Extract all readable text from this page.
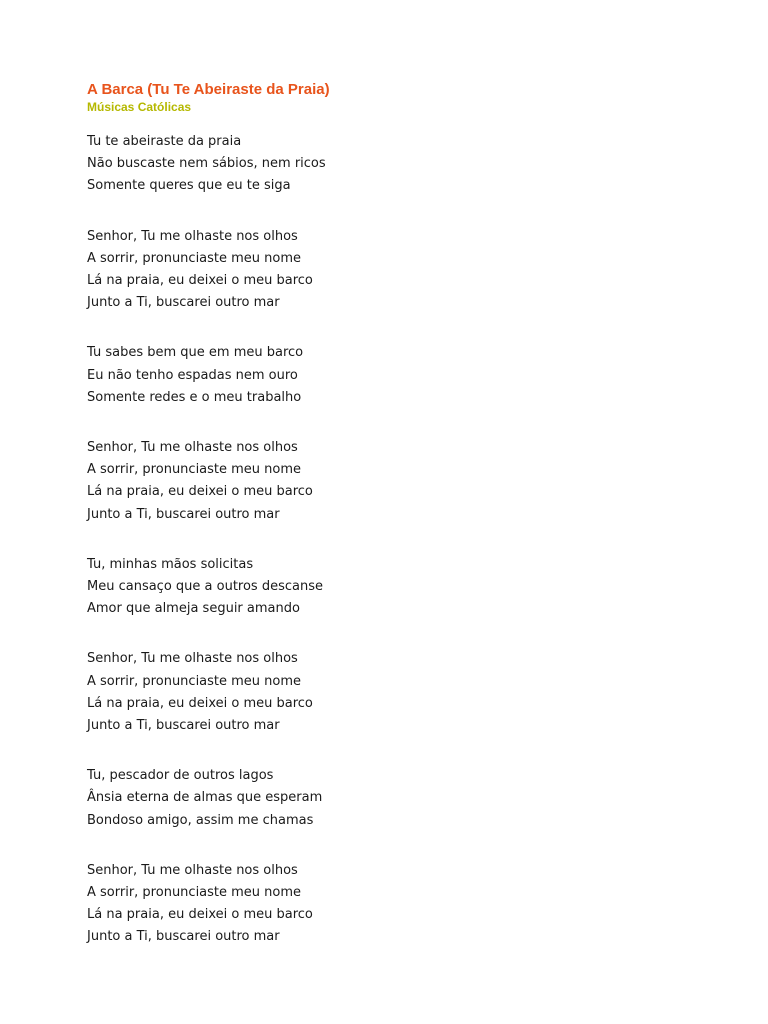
A Barca (Tu Te Abeiraste da Praia)
Músicas Católicas
Tu te abeiraste da praia
Não buscaste nem sábios, nem ricos
Somente queres que eu te siga
Senhor, Tu me olhaste nos olhos
A sorrir, pronunciaste meu nome
Lá na praia, eu deixei o meu barco
Junto a Ti, buscarei outro mar
Tu sabes bem que em meu barco
Eu não tenho espadas nem ouro
Somente redes e o meu trabalho
Senhor, Tu me olhaste nos olhos
A sorrir, pronunciaste meu nome
Lá na praia, eu deixei o meu barco
Junto a Ti, buscarei outro mar
Tu, minhas mãos solicitas
Meu cansaço que a outros descanse
Amor que almeja seguir amando
Senhor, Tu me olhaste nos olhos
A sorrir, pronunciaste meu nome
Lá na praia, eu deixei o meu barco
Junto a Ti, buscarei outro mar
Tu, pescador de outros lagos
Ânsia eterna de almas que esperam
Bondoso amigo, assim me chamas
Senhor, Tu me olhaste nos olhos
A sorrir, pronunciaste meu nome
Lá na praia, eu deixei o meu barco
Junto a Ti, buscarei outro mar
